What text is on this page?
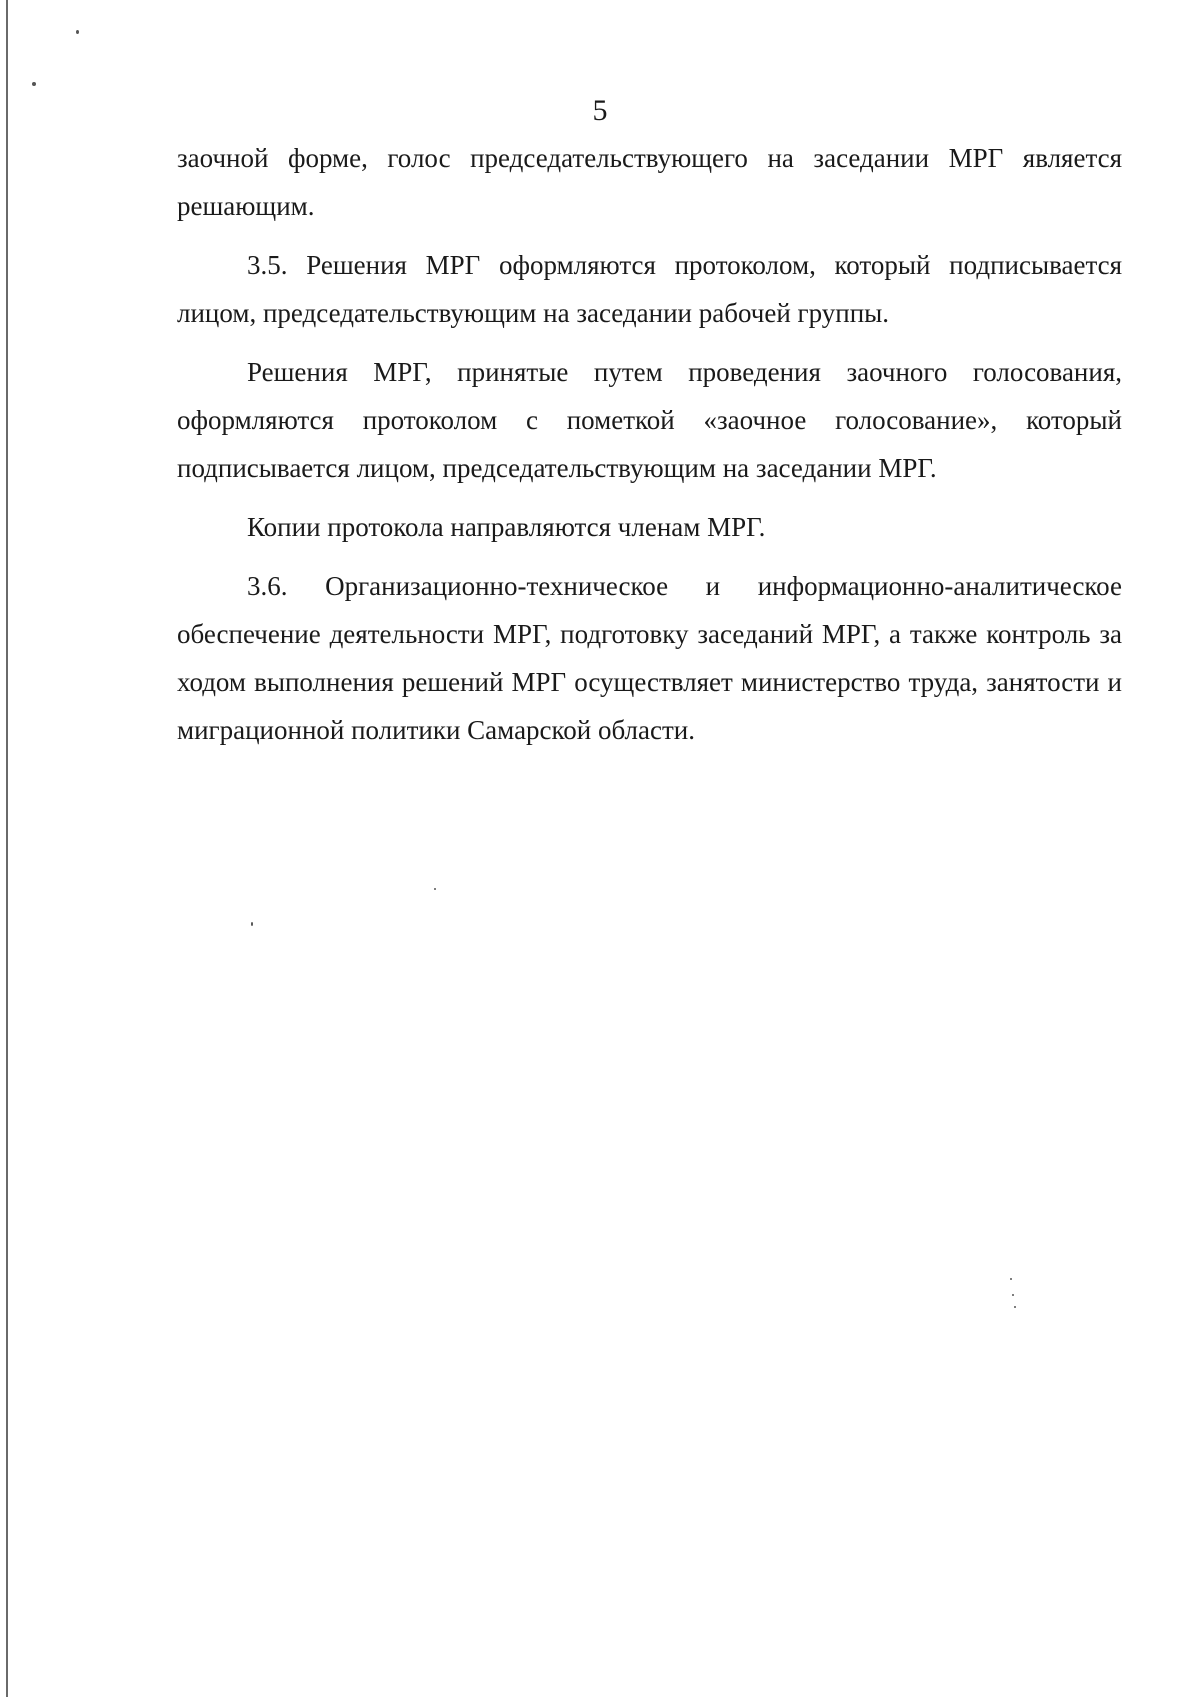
5

заочной форме, голос председательствующего на заседании МРГ является решающим.

3.5. Решения МРГ оформляются протоколом, который подписывается лицом, председательствующим на заседании рабочей группы.

Решения МРГ, принятые путем проведения заочного голосования, оформляются протоколом с пометкой «заочное голосование», который подписывается лицом, председательствующим на заседании МРГ.

Копии протокола направляются членам МРГ.

3.6. Организационно-техническое и информационно-аналитическое обеспечение деятельности МРГ, подготовку заседаний МРГ, а также контроль за ходом выполнения решений МРГ осуществляет министерство труда, занятости и миграционной политики Самарской области.
